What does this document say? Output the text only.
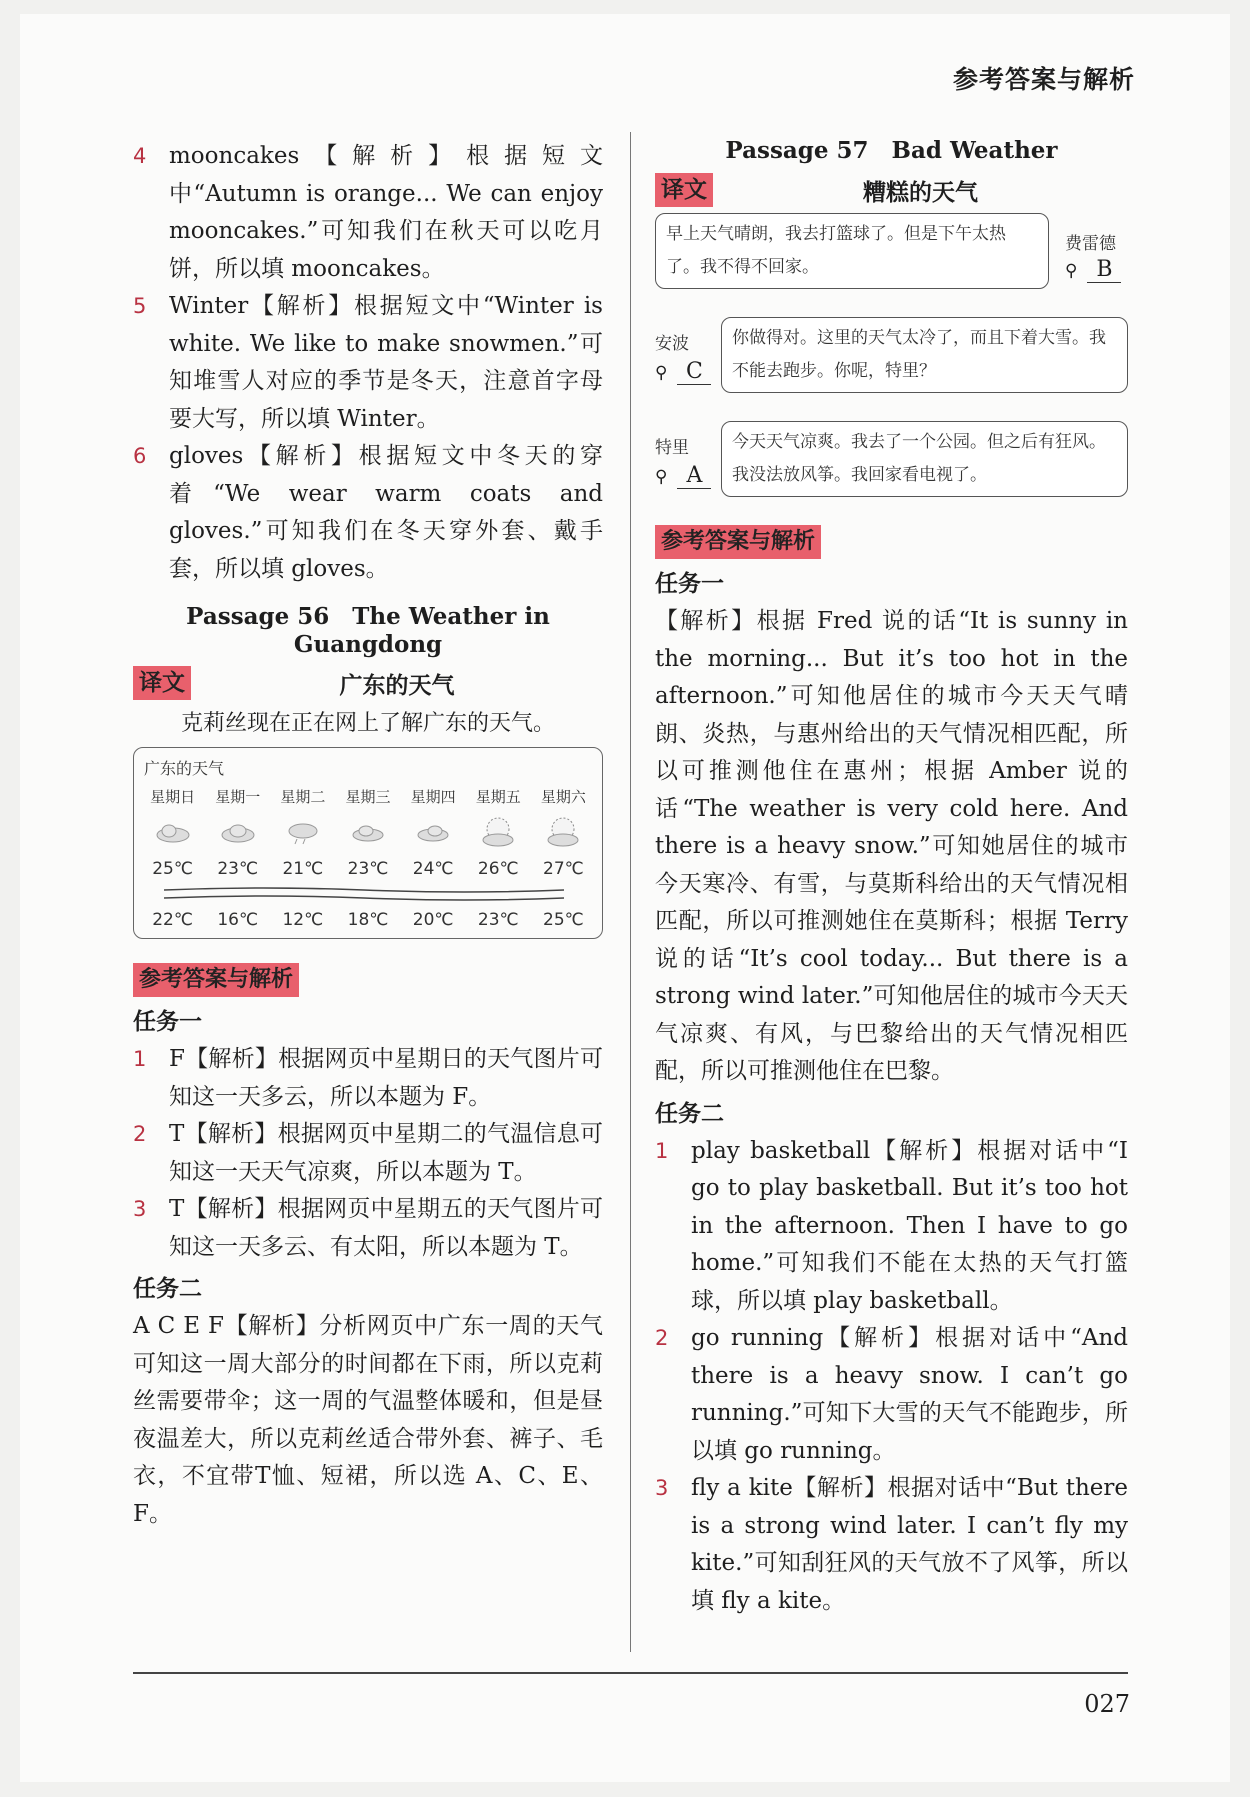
参考答案与解析
4 mooncakes【解析】根据短文中“Autumn is orange... We can enjoy mooncakes.”可知我们在秋天可以吃月饼，所以填 mooncakes。
5 Winter【解析】根据短文中“Winter is white. We like to make snowmen.”可知堆雪人对应的季节是冬天，注意首字母要大写，所以填 Winter。
6 gloves【解析】根据短文中冬天的穿着“We wear warm coats and gloves.”可知我们在冬天穿外套、戴手套，所以填 gloves。
Passage 56　The Weather in Guangdong
译文	广东的天气
克莉丝现在正在网上了解广东的天气。
广东的天气
星期日
25℃
22℃
星期一
23℃
16℃
星期二
21℃
12℃
星期三
23℃
18℃
星期四
24℃
20℃
星期五
26℃
23℃
星期六
27℃
25℃
参考答案与解析
任务一
1 F【解析】根据网页中星期日的天气图片可知这一天多云，所以本题为 F。
2 T【解析】根据网页中星期二的气温信息可知这一天天气凉爽，所以本题为 T。
3 T【解析】根据网页中星期五的天气图片可知这一天多云、有太阳，所以本题为 T。
任务二

A C E F【解析】分析网页中广东一周的天气可知这一周大部分的时间都在下雨，所以克莉丝需要带伞；这一周的气温整体暖和，但是昼夜温差大，所以克莉丝适合带外套、裤子、毛衣，不宜带T恤、短裙，所以选 A、C、E、F。

Passage 57　Bad Weather
译文	糟糕的天气
早上天气晴朗，我去打篮球了。但是下午太热了。我不得不回家。
费雷德
⚲ B
安波
⚲ C
你做得对。这里的天气太冷了，而且下着大雪。我不能去跑步。你呢，特里？
特里
⚲ A
今天天气凉爽。我去了一个公园。但之后有狂风。我没法放风筝。我回家看电视了。
参考答案与解析
任务一

【解析】根据 Fred 说的话“It is sunny in the morning... But it’s too hot in the afternoon.”可知他居住的城市今天天气晴朗、炎热，与惠州给出的天气情况相匹配，所以可推测他住在惠州；根据 Amber 说的话“The weather is very cold here. And there is a heavy snow.”可知她居住的城市今天寒冷、有雪，与莫斯科给出的天气情况相匹配，所以可推测她住在莫斯科；根据 Terry 说的话“It’s cool today... But there is a strong wind later.”可知他居住的城市今天天气凉爽、有风，与巴黎给出的天气情况相匹配，所以可推测他住在巴黎。

任务二
1 play basketball【解析】根据对话中“I go to play basketball. But it’s too hot in the afternoon. Then I have to go home.”可知我们不能在太热的天气打篮球，所以填 play basketball。
2 go running【解析】根据对话中“And there is a heavy snow. I can’t go running.”可知下大雪的天气不能跑步，所以填 go running。
3 fly a kite【解析】根据对话中“But there is a strong wind later. I can’t fly my kite.”可知刮狂风的天气放不了风筝，所以填 fly a kite。
027
